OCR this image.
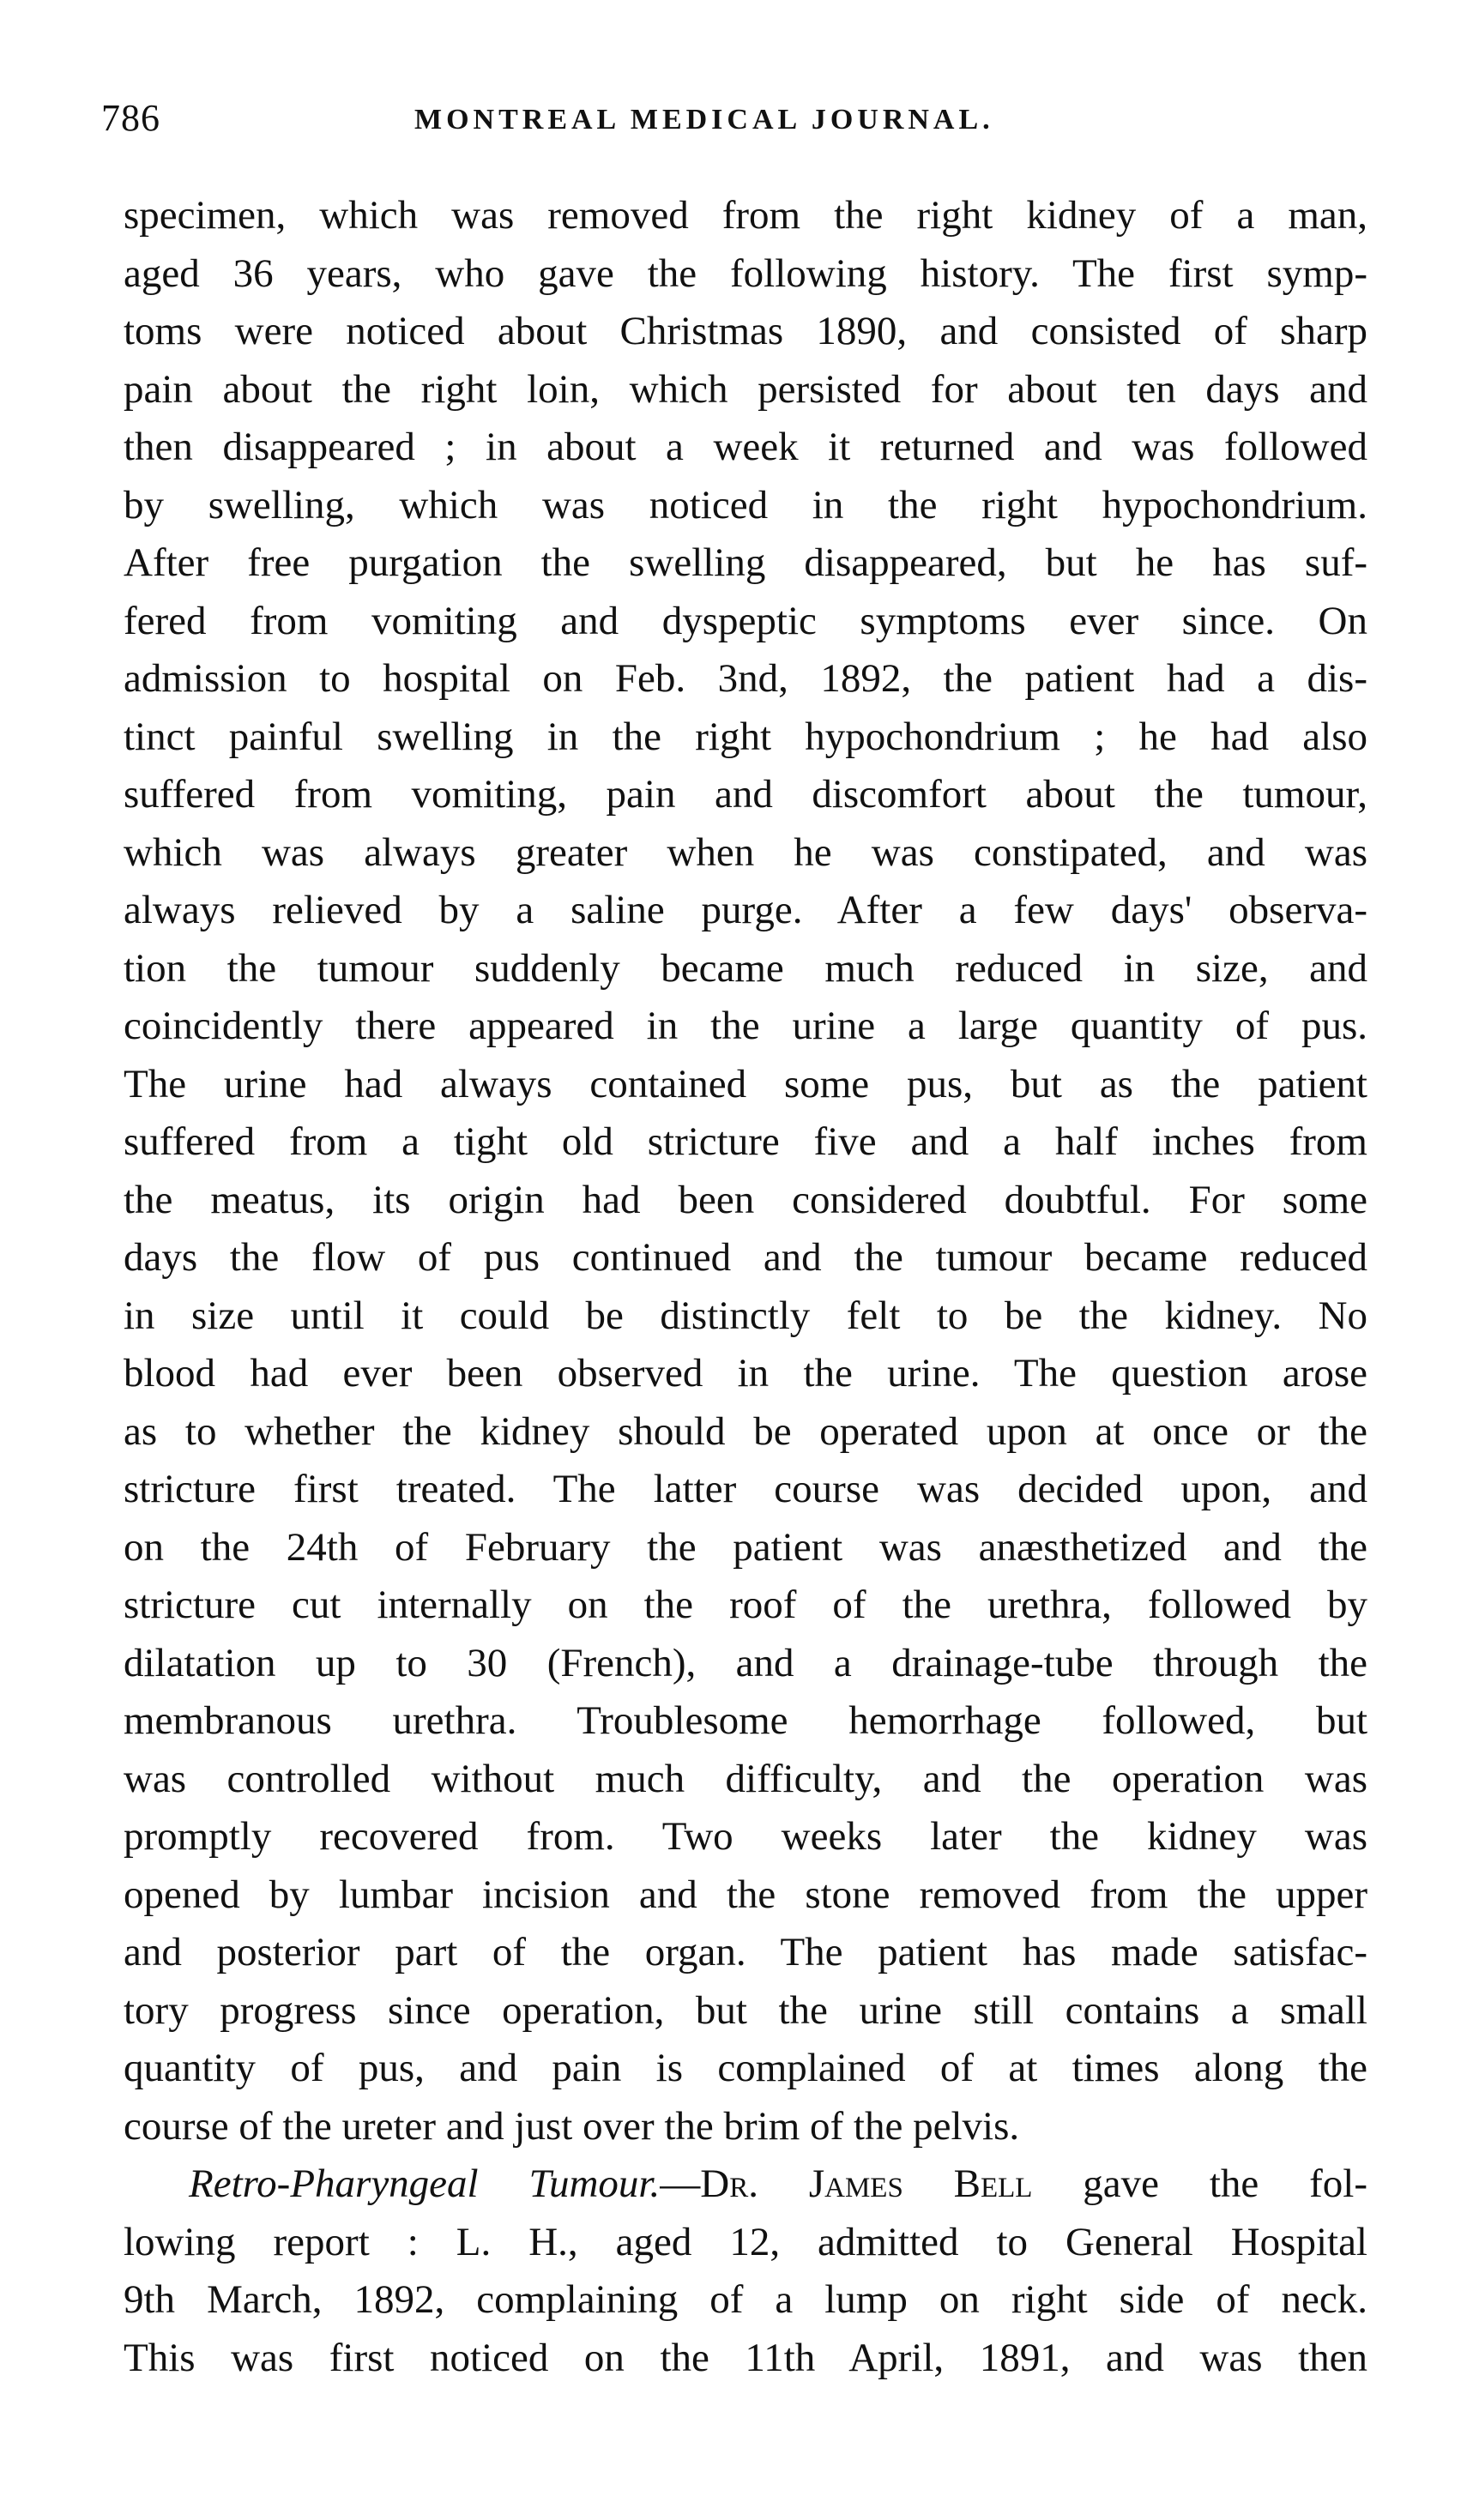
786	MONTREAL MEDICAL JOURNAL.
specimen, which was removed from the right kidney of a man,
aged 36 years, who gave the following history. The first symp-
toms were noticed about Christmas 1890, and consisted of sharp
pain about the right loin, which persisted for about ten days and
then disappeared ; in about a week it returned and was followed
by swelling, which was noticed in the right hypochondrium.
After free purgation the swelling disappeared, but he has suf-
fered from vomiting and dyspeptic symptoms ever since. On
admission to hospital on Feb. 3nd, 1892, the patient had a dis-
tinct painful swelling in the right hypochondrium ; he had also
suffered from vomiting, pain and discomfort about the tumour,
which was always greater when he was constipated, and was
always relieved by a saline purge. After a few days' observa-
tion the tumour suddenly became much reduced in size, and
coincidently there appeared in the urine a large quantity of pus.
The urine had always contained some pus, but as the patient
suffered from a tight old stricture five and a half inches from
the meatus, its origin had been considered doubtful. For some
days the flow of pus continued and the tumour became reduced
in size until it could be distinctly felt to be the kidney. No
blood had ever been observed in the urine. The question arose
as to whether the kidney should be operated upon at once or the
stricture first treated. The latter course was decided upon, and
on the 24th of February the patient was anæsthetized and the
stricture cut internally on the roof of the urethra, followed by
dilatation up to 30 (French), and a drainage-tube through the
membranous urethra. Troublesome hemorrhage followed, but
was controlled without much difficulty, and the operation was
promptly recovered from. Two weeks later the kidney was
opened by lumbar incision and the stone removed from the upper
and posterior part of the organ. The patient has made satisfac-
tory progress since operation, but the urine still contains a small
quantity of pus, and pain is complained of at times along the
course of the ureter and just over the brim of the pelvis.
Retro-Pharyngeal Tumour.—Dr. James Bell gave the fol-
lowing report : L. H., aged 12, admitted to General Hospital
9th March, 1892, complaining of a lump on right side of neck.
This was first noticed on the 11th April, 1891, and was then
